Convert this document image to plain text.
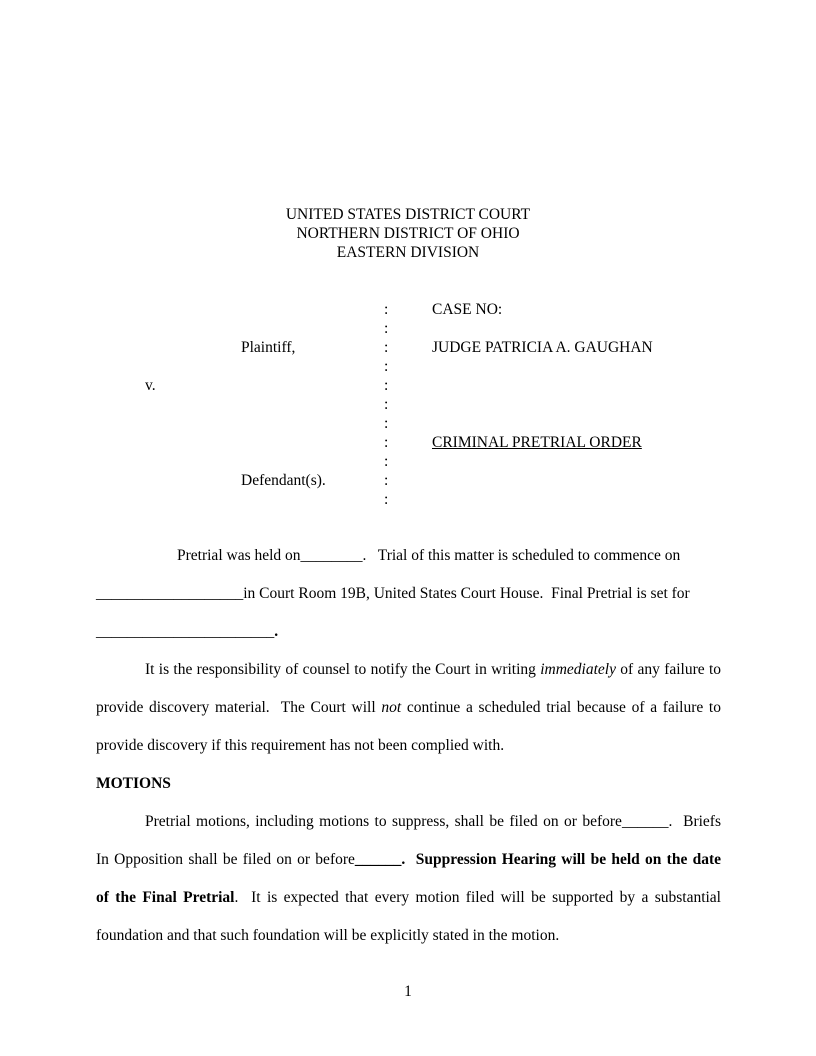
UNITED STATES DISTRICT COURT
NORTHERN DISTRICT OF OHIO
EASTERN DIVISION
:
:
:
:
:
:
:
:
:
:
:
Plaintiff,
v.
Defendant(s).
CASE NO:
JUDGE PATRICIA A. GAUGHAN
CRIMINAL PRETRIAL ORDER
Pretrial was held on________.   Trial of this matter is scheduled to commence on
___________________in Court Room 19B, United States Court House.  Final Pretrial is set for
_______________________.
It is the responsibility of counsel to notify the Court in writing immediately of any failure to
provide discovery material.  The Court will not continue a scheduled trial because of a failure to
provide discovery if this requirement has not been complied with.
MOTIONS
Pretrial motions, including motions to suppress, shall be filed on or before______.  Briefs
In Opposition shall be filed on or before______.  Suppression Hearing will be held on the date
of the Final Pretrial.  It is expected that every motion filed will be supported by a substantial
foundation and that such foundation will be explicitly stated in the motion.
1
